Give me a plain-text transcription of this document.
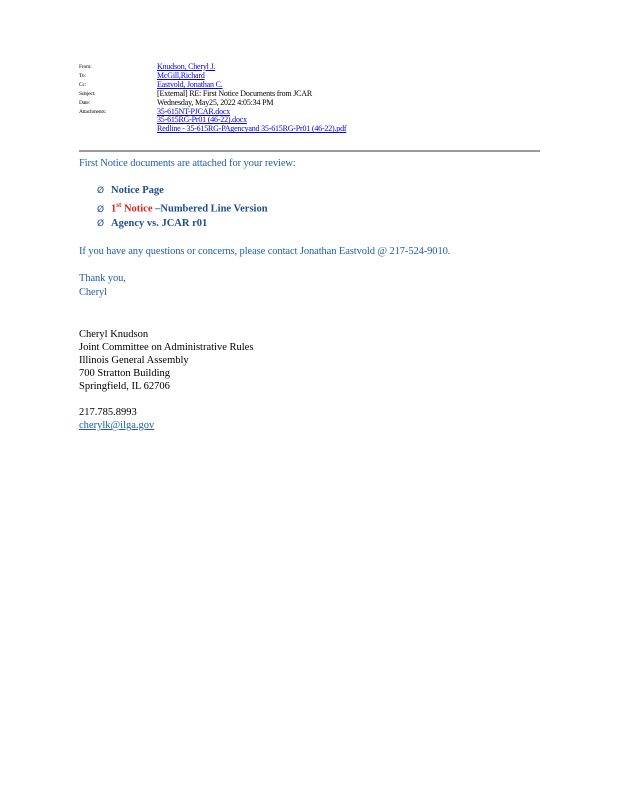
From:	Knudson, Cheryl J.
To:	McGill,Richard
Cc:	Eastvold, Jonathan C.
Subject:	[External] RE: First Notice Documents from JCAR
Date:	Wednesday, May25, 2022 4:05:34 PM
Attachments:	35-615NT-PJCAR.docx
35-615RG-Pr01 (46-22).docx
Redline - 35-615RG-PAgencyand 35-615RG-Pr01 (46-22).pdf
First Notice documents are attached for your review:
Ø Notice Page
Ø 1st Notice –Numbered Line Version
Ø Agency vs. JCAR r01
If you have any questions or concerns, please contact Jonathan Eastvold @ 217-524-9010.
Thank you,
Cheryl
Cheryl Knudson
Joint Committee on Administrative Rules
Illinois General Assembly
700 Stratton Building
Springfield, IL 62706
217.785.8993
cherylk@ilga.gov
